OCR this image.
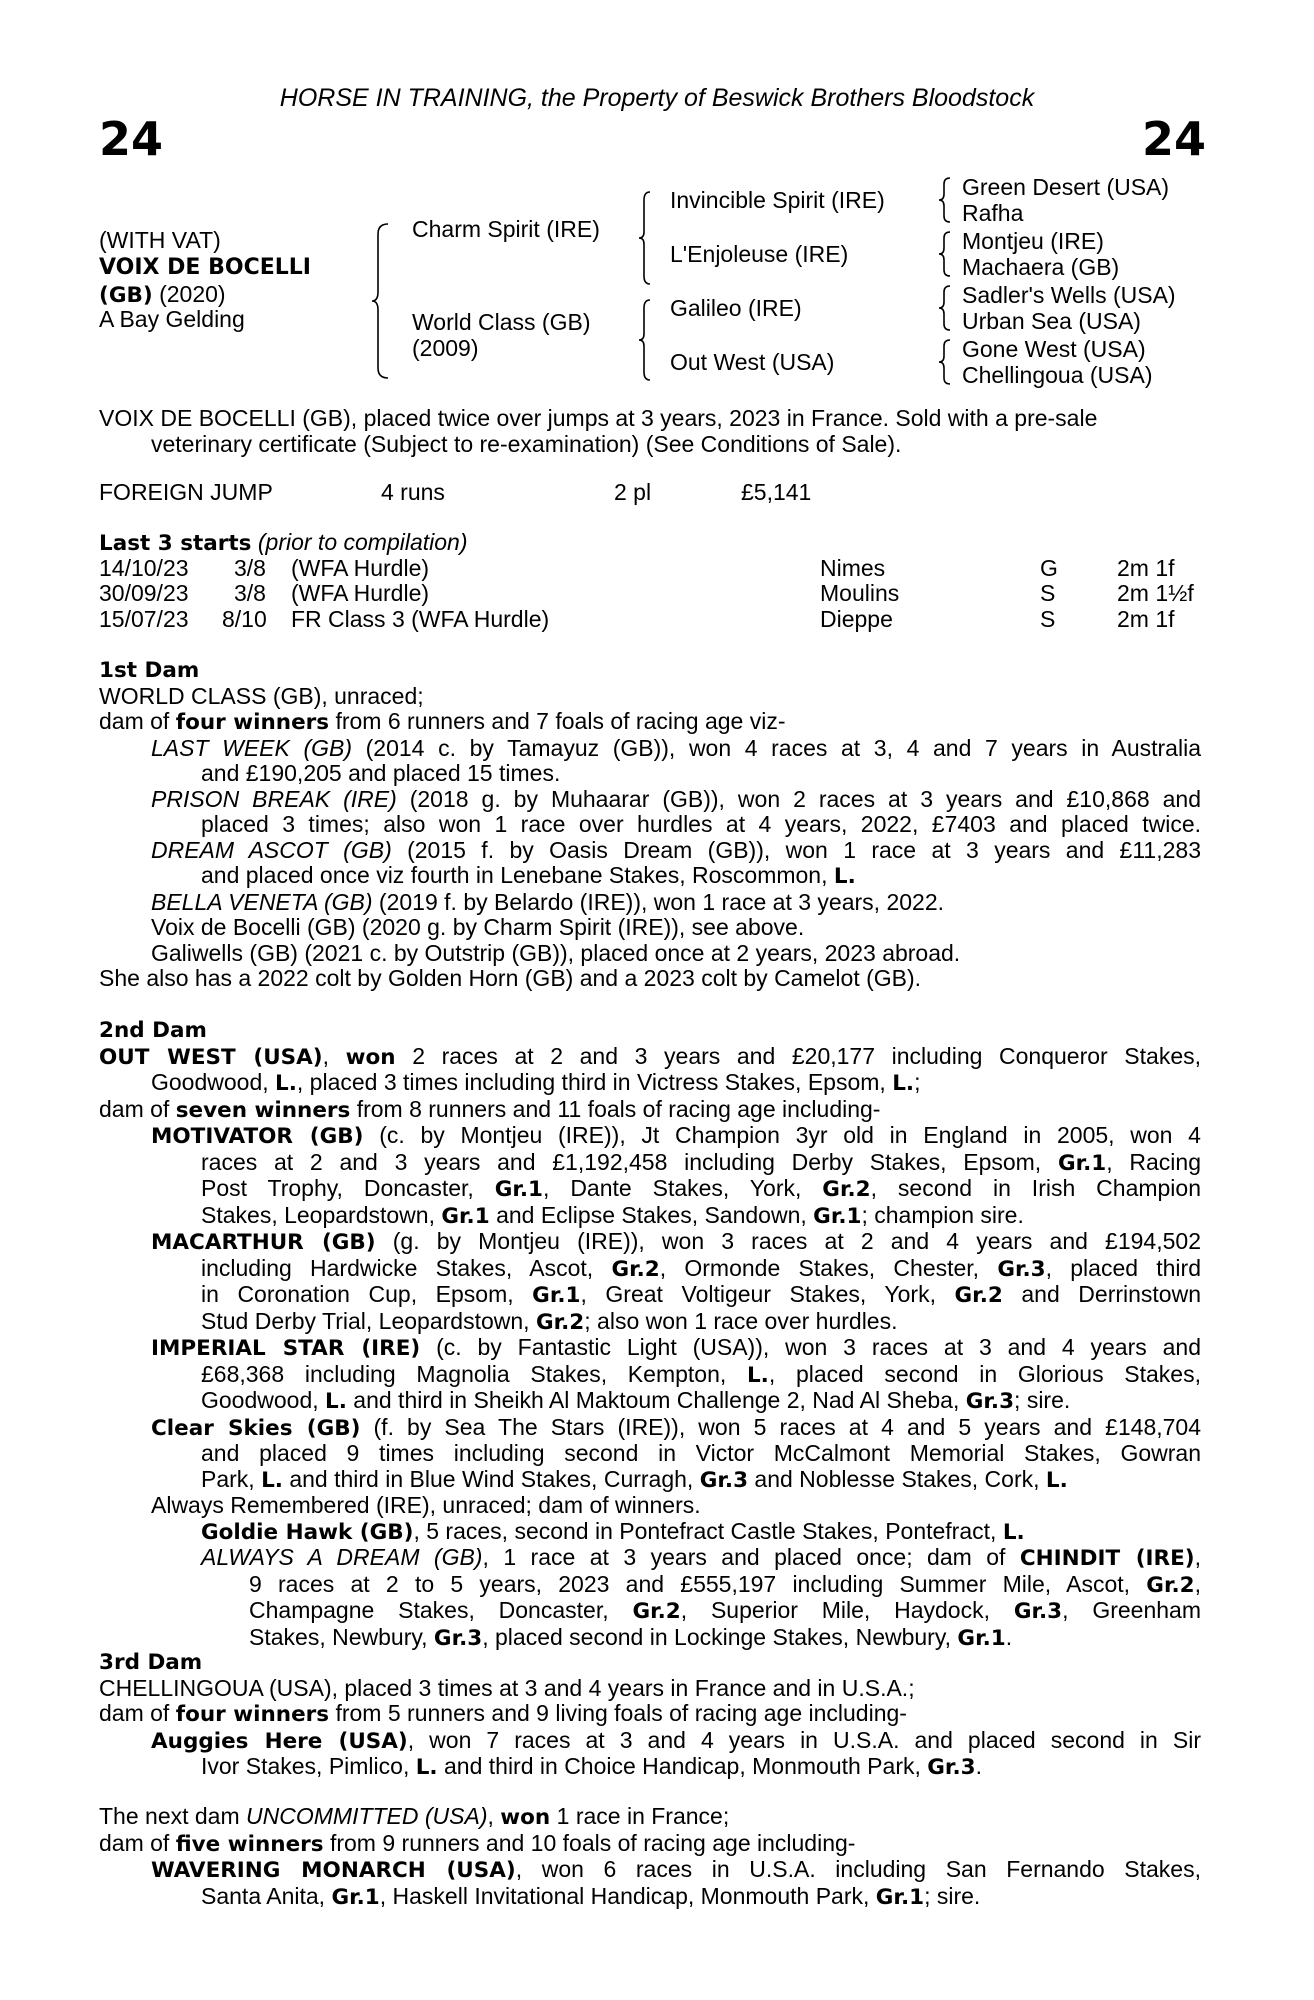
HORSE IN TRAINING, the Property of Beswick Brothers Bloodstock
24	24
(WITH VAT)
VOIX DE BOCELLI
(GB) (2020)
A Bay Gelding
Charm Spirit (IRE)
World Class (GB)
(2009)
Invincible Spirit (IRE)
L'Enjoleuse (IRE)
Galileo (IRE)
Out West (USA)
Green Desert (USA)
Rafha
Montjeu (IRE)
Machaera (GB)
Sadler's Wells (USA)
Urban Sea (USA)
Gone West (USA)
Chellingoua (USA)
VOIX DE BOCELLI (GB), placed twice over jumps at 3 years, 2023 in France. Sold with a pre-sale
veterinary certificate (Subject to re-examination) (See Conditions of Sale).
FOREIGN JUMP	4 runs	2 pl	£5,141
Last 3 starts (prior to compilation)
14/10/23 3/8 (WFA Hurdle)	Nimes	G	2m 1f
30/09/23 3/8 (WFA Hurdle)	Moulins	S	2m 1½f
15/07/23 8/10 FR Class 3 (WFA Hurdle)	Dieppe	S	2m 1f
1st Dam
WORLD CLASS (GB), unraced;
dam of four winners from 6 runners and 7 foals of racing age viz-
LAST WEEK (GB) (2014 c. by Tamayuz (GB)), won 4 races at 3, 4 and 7 years in Australia
and £190,205 and placed 15 times.
PRISON BREAK (IRE) (2018 g. by Muhaarar (GB)), won 2 races at 3 years and £10,868 and
placed 3 times; also won 1 race over hurdles at 4 years, 2022, £7403 and placed twice.
DREAM ASCOT (GB) (2015 f. by Oasis Dream (GB)), won 1 race at 3 years and £11,283
and placed once viz fourth in Lenebane Stakes, Roscommon, L.
BELLA VENETA (GB) (2019 f. by Belardo (IRE)), won 1 race at 3 years, 2022.
Voix de Bocelli (GB) (2020 g. by Charm Spirit (IRE)), see above.
Galiwells (GB) (2021 c. by Outstrip (GB)), placed once at 2 years, 2023 abroad.
She also has a 2022 colt by Golden Horn (GB) and a 2023 colt by Camelot (GB).
2nd Dam
OUT WEST (USA), won 2 races at 2 and 3 years and £20,177 including Conqueror Stakes,
Goodwood, L., placed 3 times including third in Victress Stakes, Epsom, L.;
dam of seven winners from 8 runners and 11 foals of racing age including-
MOTIVATOR (GB) (c. by Montjeu (IRE)), Jt Champion 3yr old in England in 2005, won 4
races at 2 and 3 years and £1,192,458 including Derby Stakes, Epsom, Gr.1, Racing
Post Trophy, Doncaster, Gr.1, Dante Stakes, York, Gr.2, second in Irish Champion
Stakes, Leopardstown, Gr.1 and Eclipse Stakes, Sandown, Gr.1; champion sire.
MACARTHUR (GB) (g. by Montjeu (IRE)), won 3 races at 2 and 4 years and £194,502
including Hardwicke Stakes, Ascot, Gr.2, Ormonde Stakes, Chester, Gr.3, placed third
in Coronation Cup, Epsom, Gr.1, Great Voltigeur Stakes, York, Gr.2 and Derrinstown
Stud Derby Trial, Leopardstown, Gr.2; also won 1 race over hurdles.
IMPERIAL STAR (IRE) (c. by Fantastic Light (USA)), won 3 races at 3 and 4 years and
£68,368 including Magnolia Stakes, Kempton, L., placed second in Glorious Stakes,
Goodwood, L. and third in Sheikh Al Maktoum Challenge 2, Nad Al Sheba, Gr.3; sire.
Clear Skies (GB) (f. by Sea The Stars (IRE)), won 5 races at 4 and 5 years and £148,704
and placed 9 times including second in Victor McCalmont Memorial Stakes, Gowran
Park, L. and third in Blue Wind Stakes, Curragh, Gr.3 and Noblesse Stakes, Cork, L.
Always Remembered (IRE), unraced; dam of winners.
Goldie Hawk (GB), 5 races, second in Pontefract Castle Stakes, Pontefract, L.
ALWAYS A DREAM (GB), 1 race at 3 years and placed once; dam of CHINDIT (IRE),
9 races at 2 to 5 years, 2023 and £555,197 including Summer Mile, Ascot, Gr.2,
Champagne Stakes, Doncaster, Gr.2, Superior Mile, Haydock, Gr.3, Greenham
Stakes, Newbury, Gr.3, placed second in Lockinge Stakes, Newbury, Gr.1.
3rd Dam
CHELLINGOUA (USA), placed 3 times at 3 and 4 years in France and in U.S.A.;
dam of four winners from 5 runners and 9 living foals of racing age including-
Auggies Here (USA), won 7 races at 3 and 4 years in U.S.A. and placed second in Sir
Ivor Stakes, Pimlico, L. and third in Choice Handicap, Monmouth Park, Gr.3.
The next dam UNCOMMITTED (USA), won 1 race in France;
dam of five winners from 9 runners and 10 foals of racing age including-
WAVERING MONARCH (USA), won 6 races in U.S.A. including San Fernando Stakes,
Santa Anita, Gr.1, Haskell Invitational Handicap, Monmouth Park, Gr.1; sire.
